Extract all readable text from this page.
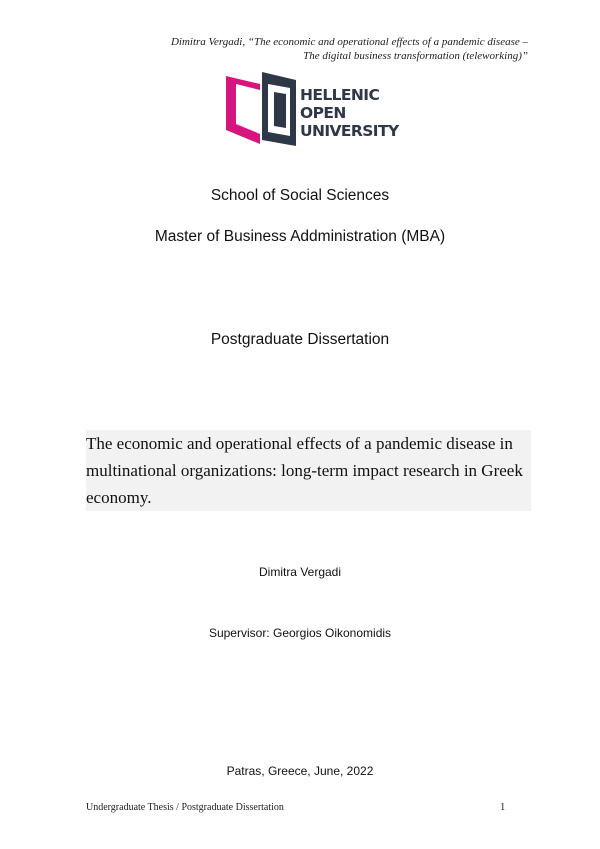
Dimitra Vergadi, “The economic and operational effects of a pandemic disease –
The digital business transformation (teleworking)”
HELLENIC
OPEN
UNIVERSITY
School of Social Sciences
Master of Business Addministration (MBA)
Postgraduate Dissertation
The economic and operational effects of a pandemic disease in
multinational organizations: long-term impact research in Greek
economy.
Dimitra Vergadi
Supervisor: Georgios Oikonomidis
Patras, Greece, June, 2022
Undergraduate Thesis / Postgraduate Dissertation	1
